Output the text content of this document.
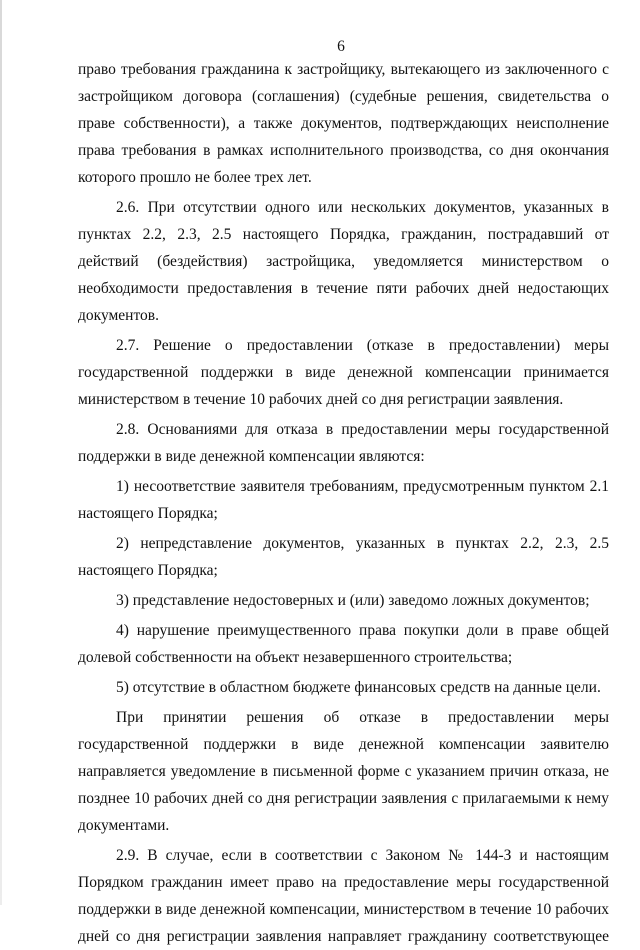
6

право требования гражданина к застройщику, вытекающего из заключенного с застройщиком договора (соглашения) (судебные решения, свидетельства о праве собственности), а также документов, подтверждающих неисполнение права требования в рамках исполнительного производства, со дня окончания которого прошло не более трех лет.

2.6. При отсутствии одного или нескольких документов, указанных в пунктах 2.2, 2.3, 2.5 настоящего Порядка, гражданин, пострадавший от действий (бездействия) застройщика, уведомляется министерством о необходимости предоставления в течение пяти рабочих дней недостающих документов.

2.7. Решение о предоставлении (отказе в предоставлении) меры государственной поддержки в виде денежной компенсации принимается министерством в течение 10 рабочих дней со дня регистрации заявления.

2.8. Основаниями для отказа в предоставлении меры государственной поддержки в виде денежной компенсации являются:

1) несоответствие заявителя требованиям, предусмотренным пунктом 2.1 настоящего Порядка;

2) непредставление документов, указанных в пунктах 2.2, 2.3, 2.5 настоящего Порядка;

3) представление недостоверных и (или) заведомо ложных документов;

4) нарушение преимущественного права покупки доли в праве общей долевой собственности на объект незавершенного строительства;

5) отсутствие в областном бюджете финансовых средств на данные цели.

При принятии решения об отказе в предоставлении меры государственной поддержки в виде денежной компенсации заявителю направляется уведомление в письменной форме с указанием причин отказа, не позднее 10 рабочих дней со дня регистрации заявления с прилагаемыми к нему документами.

2.9. В случае, если в соответствии с Законом № 144-З и настоящим Порядком гражданин имеет право на предоставление меры государственной поддержки в виде денежной компенсации, министерством в течение 10 рабочих дней со дня регистрации заявления направляет гражданину соответствующее
